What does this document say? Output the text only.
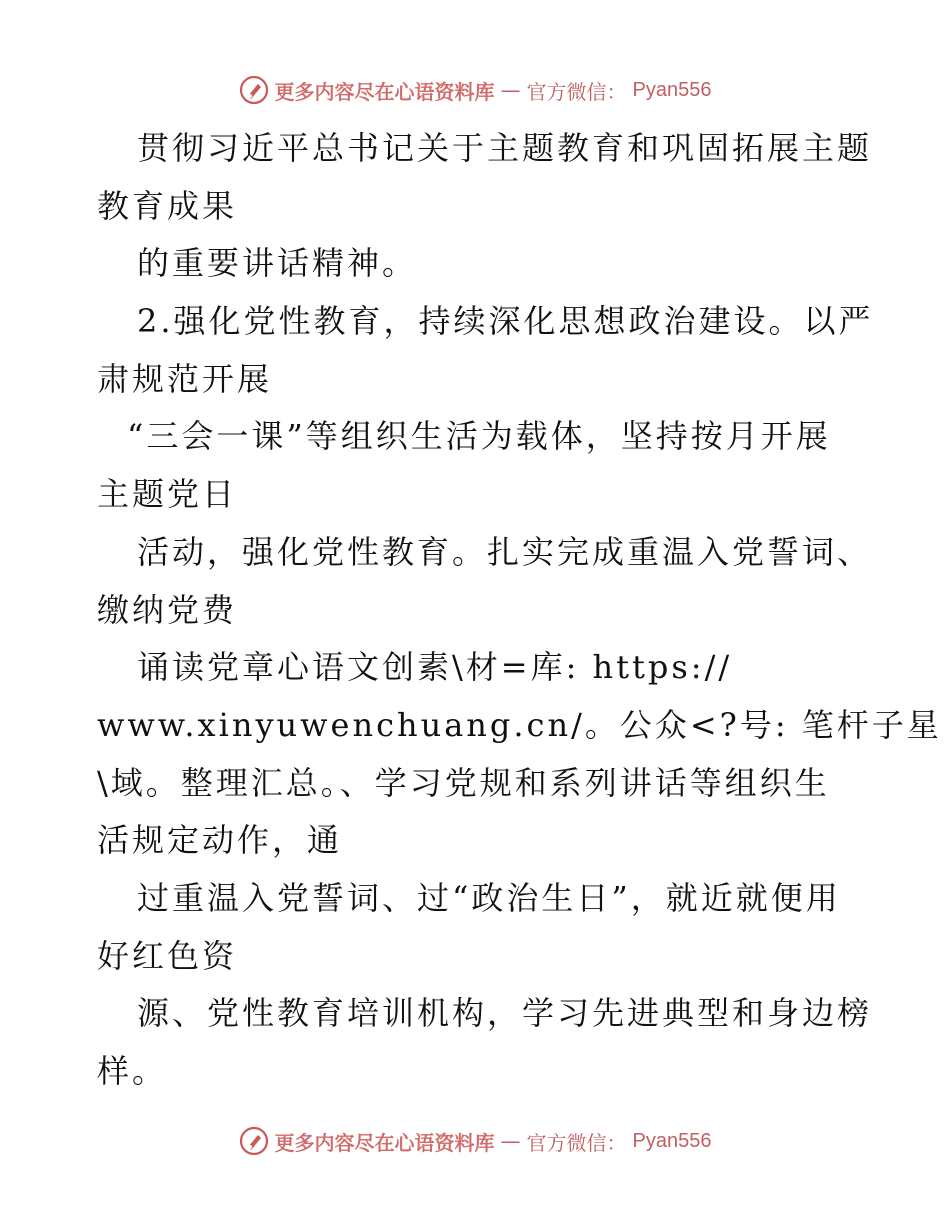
更多内容尽在心语资料库 — 官方微信： Pyan556
贯彻习近平总书记关于主题教育和巩固拓展主题
教育成果
的重要讲话精神。
2.强化党性教育，持续深化思想政治建设。以严
肃规范开展
“三会一课”等组织生活为载体，坚持按月开展
主题党日
活动，强化党性教育。扎实完成重温入党誓词、
缴纳党费
诵读党章心语文创素\材=库: https://
www.xinyuwenchuang.cn/。公众<?号: 笔杆子星
\域。整理汇总。、学习党规和系列讲话等组织生
活规定动作，通
过重温入党誓词、过“政治生日”，就近就便用
好红色资
源、党性教育培训机构，学习先进典型和身边榜
样。
更多内容尽在心语资料库 — 官方微信： Pyan556
